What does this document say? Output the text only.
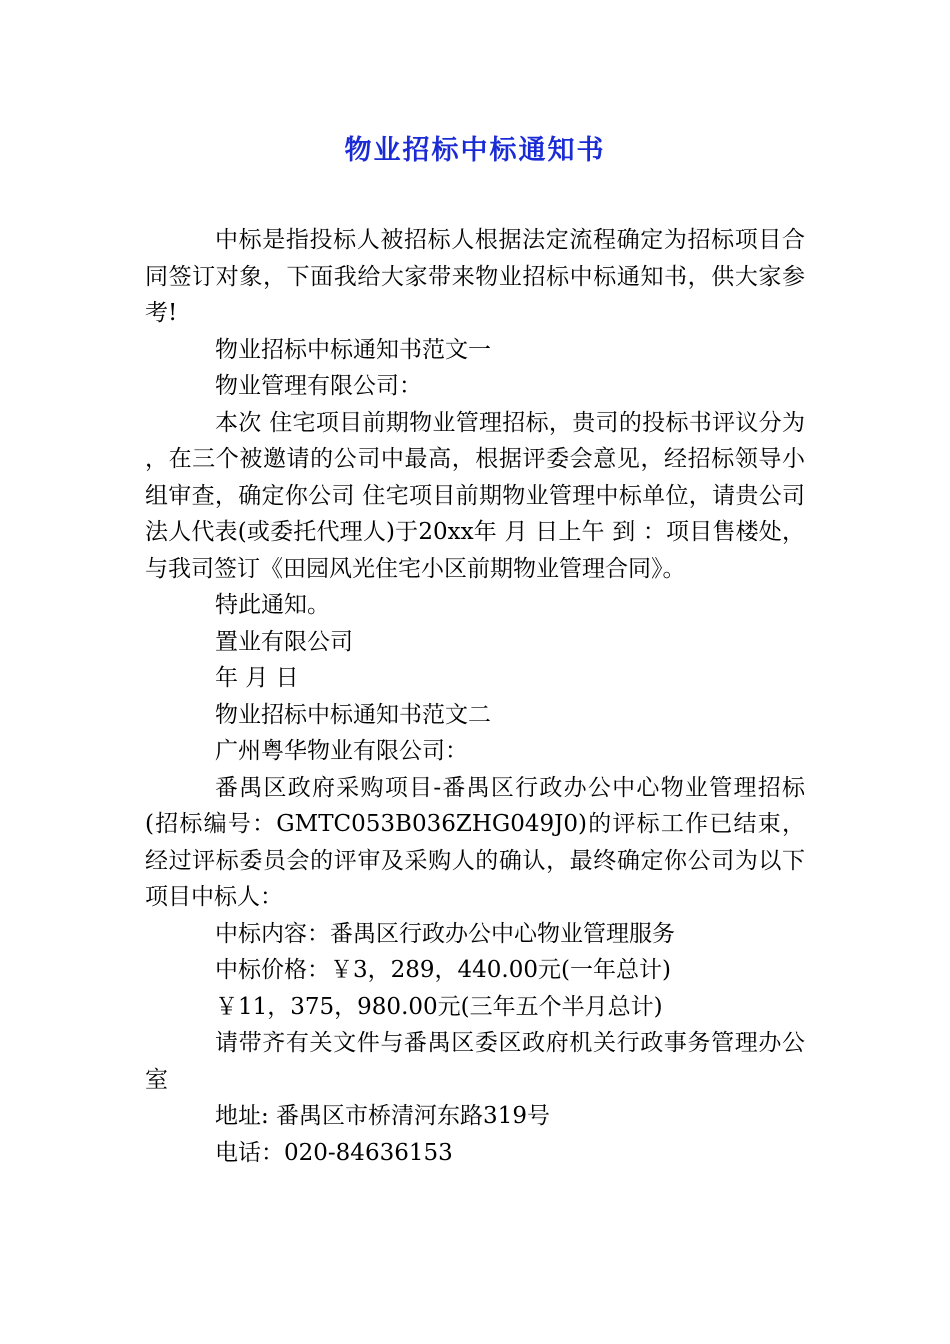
物业招标中标通知书

中标是指投标人被招标人根据法定流程确定为招标项目合同签订对象，下面我给大家带来物业招标中标通知书，供大家参考!

物业招标中标通知书范文一

物业管理有限公司：

本次 住宅项目前期物业管理招标，贵司的投标书评议分为 ，在三个被邀请的公司中最高，根据评委会意见，经招标领导小组审查，确定你公司 住宅项目前期物业管理中标单位，请贵公司法人代表(或委托代理人)于20xx年 月 日上午 到 ：项目售楼处，与我司签订《田园风光住宅小区前期物业管理合同》。

特此通知。

置业有限公司

年 月 日

物业招标中标通知书范文二

广州粤华物业有限公司：

番禺区政府采购项目-番禺区行政办公中心物业管理招标(招标编号：GMTC053B036ZHG049J0)的评标工作已结束，经过评标委员会的评审及采购人的确认，最终确定你公司为以下项目中标人：

中标内容：番禺区行政办公中心物业管理服务

中标价格：￥3，289，440.00元(一年总计)

￥11，375，980.00元(三年五个半月总计)

请带齐有关文件与番禺区委区政府机关行政事务管理办公室

地址: 番禺区市桥清河东路319号

电话：020-84636153
